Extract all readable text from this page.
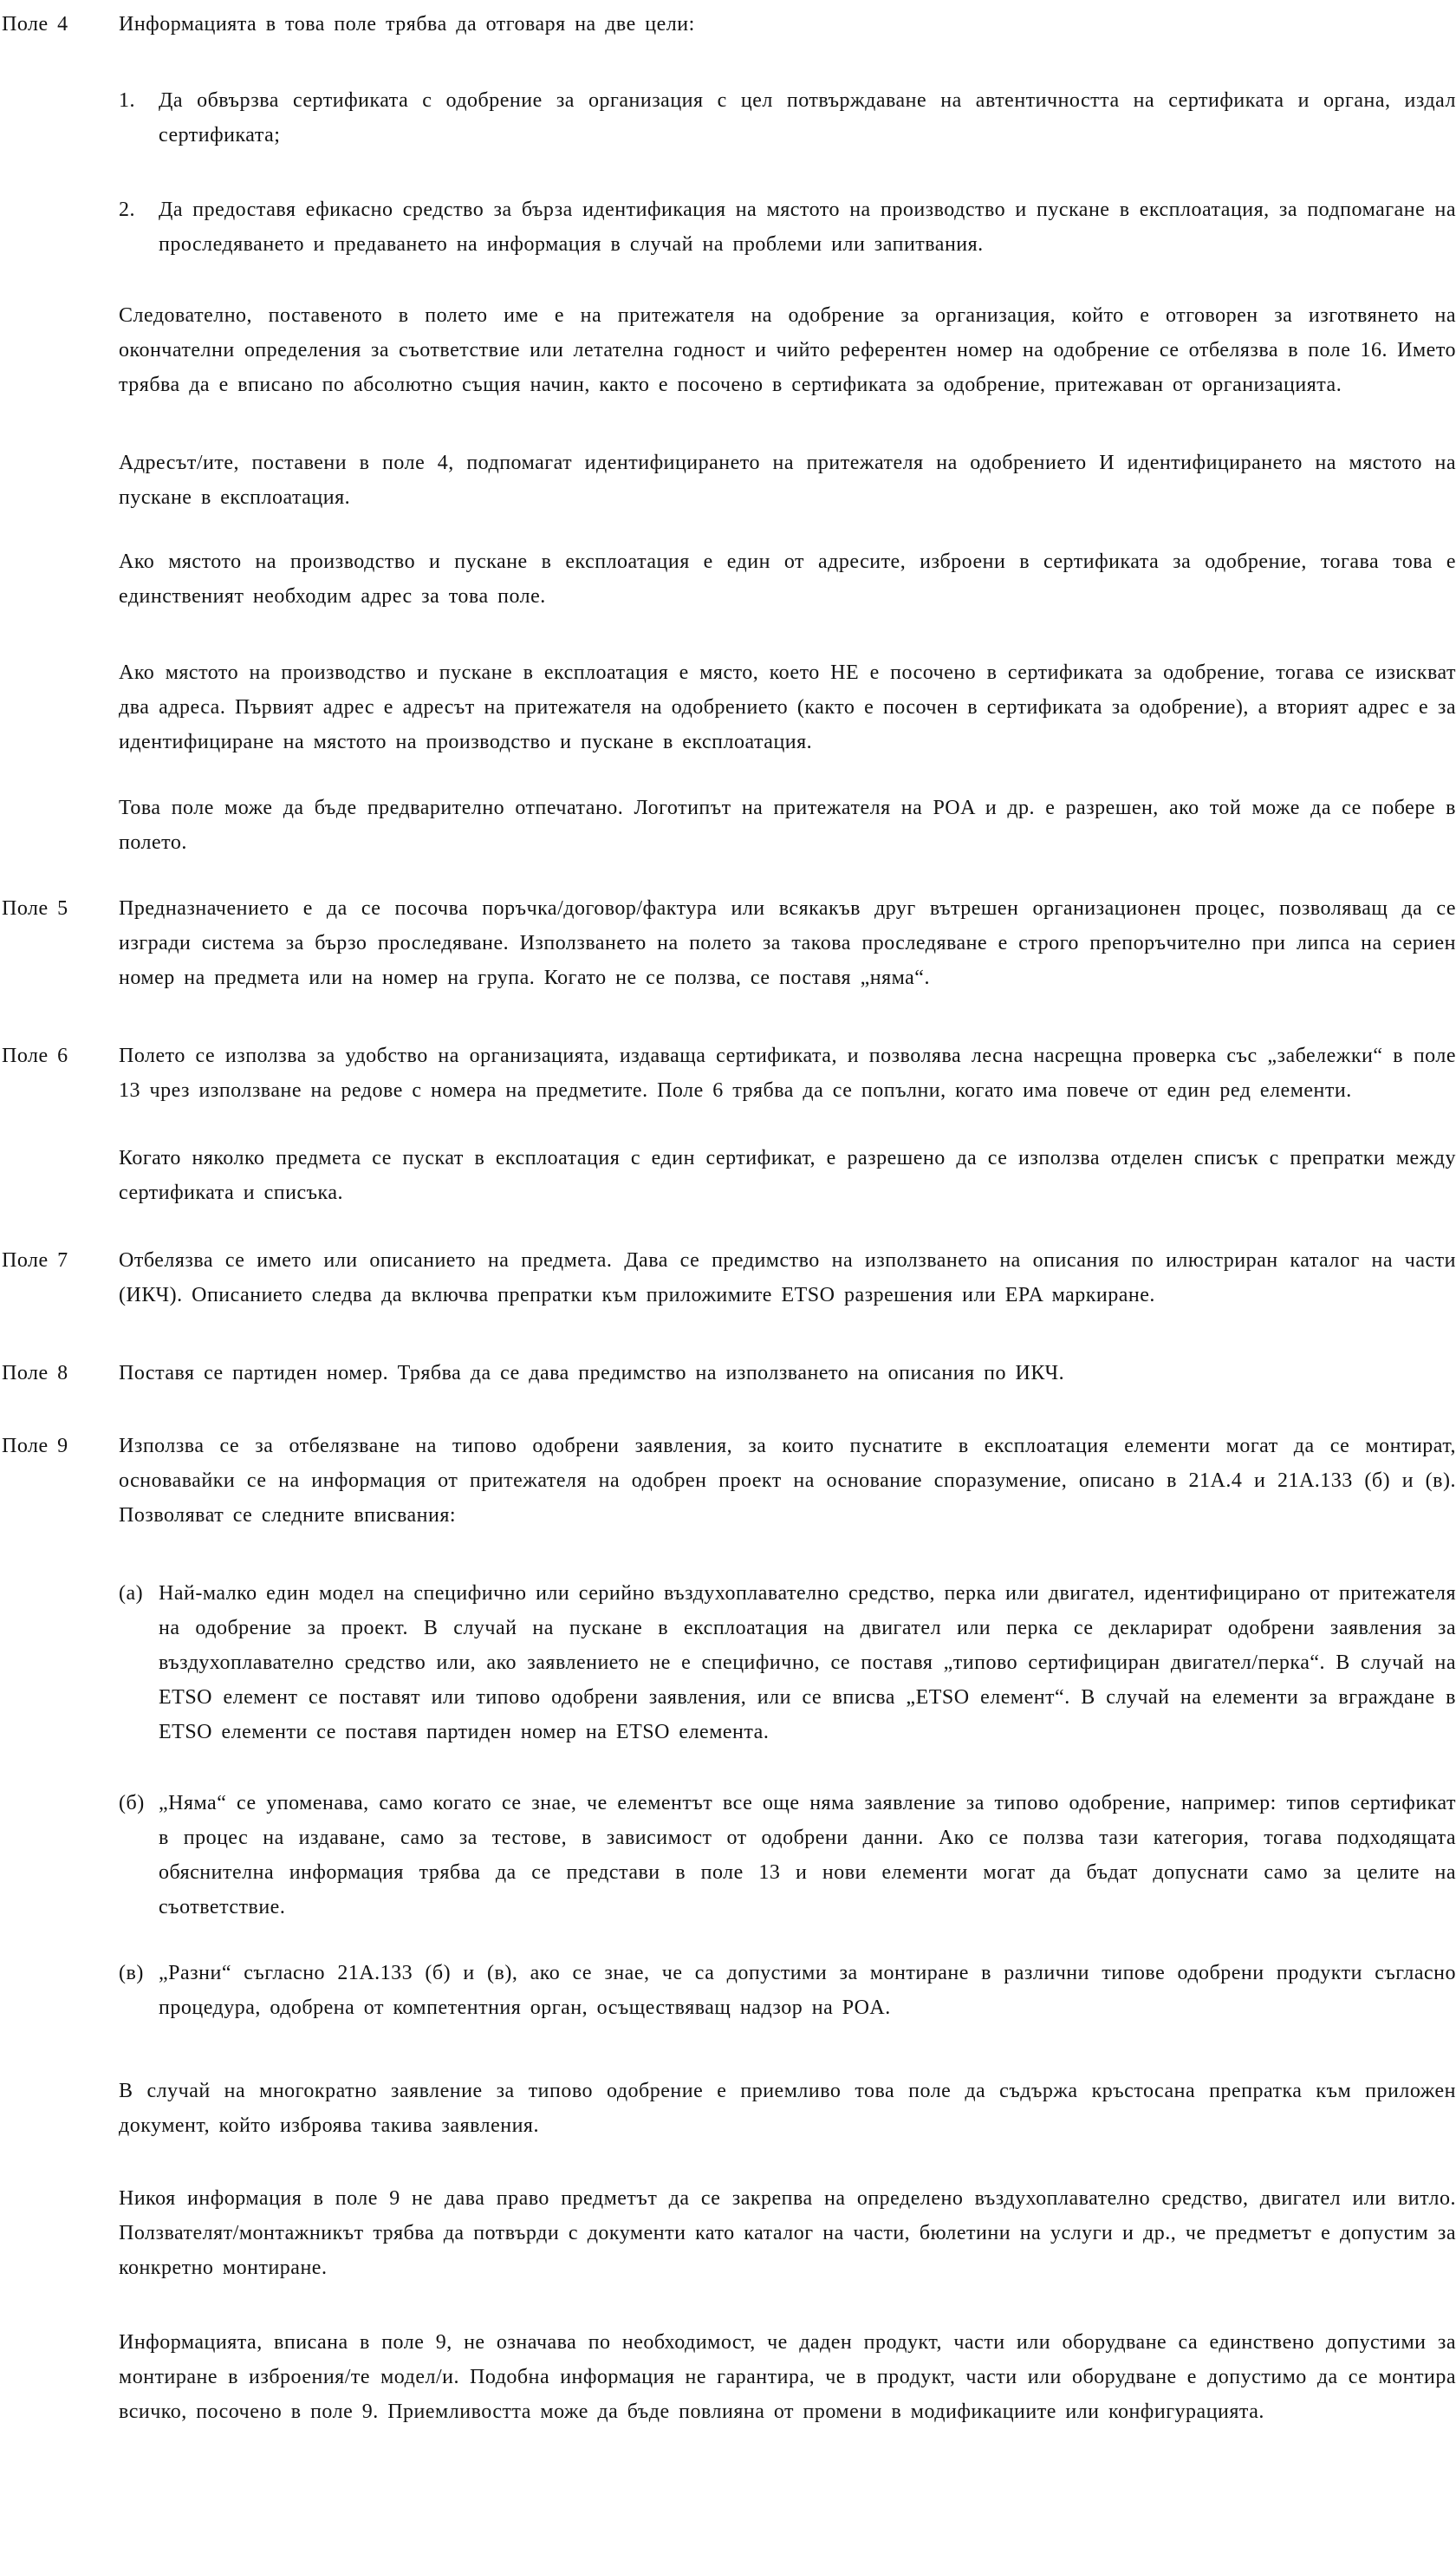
Поле 4	Информацията в това поле трябва да отговаря на две цели:

1.	Да обвързва сертификата с одобрение за организация с цел потвърждаване на автентичността на сертификата и органа, издал сертификата;
2.	Да предоставя ефикасно средство за бърза идентификация на мястото на производство и пускане в експлоатация, за подпомагане на проследяването и предаването на информация в случай на проблеми или запитвания.

Следователно, поставеното в полето име е на притежателя на одобрение за организация, който е отговорен за изготвянето на окончателни определения за съответствие или летателна годност и чийто референтен номер на одобрение се отбелязва в поле 16. Името трябва да е вписано по абсолютно същия начин, както е посочено в сертификата за одобрение, притежаван от организацията.

Адресът/ите, поставени в поле 4, подпомагат идентифицирането на притежателя на одобрението И идентифицирането на мястото на пускане в експлоатация.

Ако мястото на производство и пускане в експлоатация е един от адресите, изброени в сертификата за одобрение, тогава това е единственият необходим адрес за това поле.

Ако мястото на производство и пускане в експлоатация е място, което НЕ е посочено в сертификата за одобрение, тогава се изискват два адреса. Първият адрес е адресът на притежателя на одобрението (както е посочен в сертификата за одобрение), а вторият адрес е за идентифициране на мястото на производство и пускане в експлоатация.

Това поле може да бъде предварително отпечатано. Логотипът на притежателя на POA и др. е разрешен, ако той може да се побере в полето.

Поле 5	Предназначението е да се посочва поръчка/договор/фактура или всякакъв друг вътрешен организационен процес, позволяващ да се изгради система за бързо проследяване. Използването на полето за такова проследяване е строго препоръчително при липса на сериен номер на предмета или на номер на група. Когато не се ползва, се поставя „няма“.

Поле 6	Полето се използва за удобство на организацията, издаваща сертификата, и позволява лесна насрещна проверка със „забележки“ в поле 13 чрез използване на редове с номера на предметите. Поле 6 трябва да се попълни, когато има повече от един ред елементи.

Когато няколко предмета се пускат в експлоатация с един сертификат, е разрешено да се използва отделен списък с препратки между сертификата и списъка.

Поле 7	Отбелязва се името или описанието на предмета. Дава се предимство на използването на описания по илюстриран каталог на части (ИКЧ). Описанието следва да включва препратки към приложимите ETSO разрешения или EPA маркиране.

Поле 8	Поставя се партиден номер. Трябва да се дава предимство на използването на описания по ИКЧ.

Поле 9	Използва се за отбелязване на типово одобрени заявления, за които пуснатите в експлоатация елементи могат да се монтират, основавайки се на информация от притежателя на одобрен проект на основание споразумение, описано в 21A.4 и 21A.133 (б) и (в). Позволяват се следните вписвания:

(а) Най-малко един модел на специфично или серийно въздухоплавателно средство, перка или двигател, идентифицирано от притежателя на одобрение за проект. В случай на пускане в експлоатация на двигател или перка се декларират одобрени заявления за въздухоплавателно средство или, ако заявлението не е специфично, се поставя „типово сертифициран двигател/перка“. В случай на ETSO елемент се поставят или типово одобрени заявления, или се вписва „ETSO елемент“. В случай на елементи за вграждане в ETSO елементи се поставя партиден номер на ETSO елемента.
(б) „Няма“ се упоменава, само когато се знае, че елементът все още няма заявление за типово одобрение, например: типов сертификат в процес на издаване, само за тестове, в зависимост от одобрени данни. Ако се ползва тази категория, тогава подходящата обяснителна информация трябва да се представи в поле 13 и нови елементи могат да бъдат допуснати само за целите на съответствие.
(в) „Разни“ съгласно 21A.133 (б) и (в), ако се знае, че са допустими за монтиране в различни типове одобрени продукти съгласно процедура, одобрена от компетентния орган, осъществяващ надзор на POA.

В случай на многократно заявление за типово одобрение е приемливо това поле да съдържа кръстосана препратка към приложен документ, който изброява такива заявления.

Никоя информация в поле 9 не дава право предметът да се закрепва на определено въздухоплавателно средство, двигател или витло. Ползвателят/монтажникът трябва да потвърди с документи като каталог на части, бюлетини на услуги и др., че предметът е допустим за конкретно монтиране.

Информацията, вписана в поле 9, не означава по необходимост, че даден продукт, части или оборудване са единствено допустими за монтиране в изброения/те модел/и. Подобна информация не гарантира, че в продукт, части или оборудване е допустимо да се монтира всичко, посочено в поле 9. Приемливостта може да бъде повлияна от промени в модификациите или конфигурацията.
